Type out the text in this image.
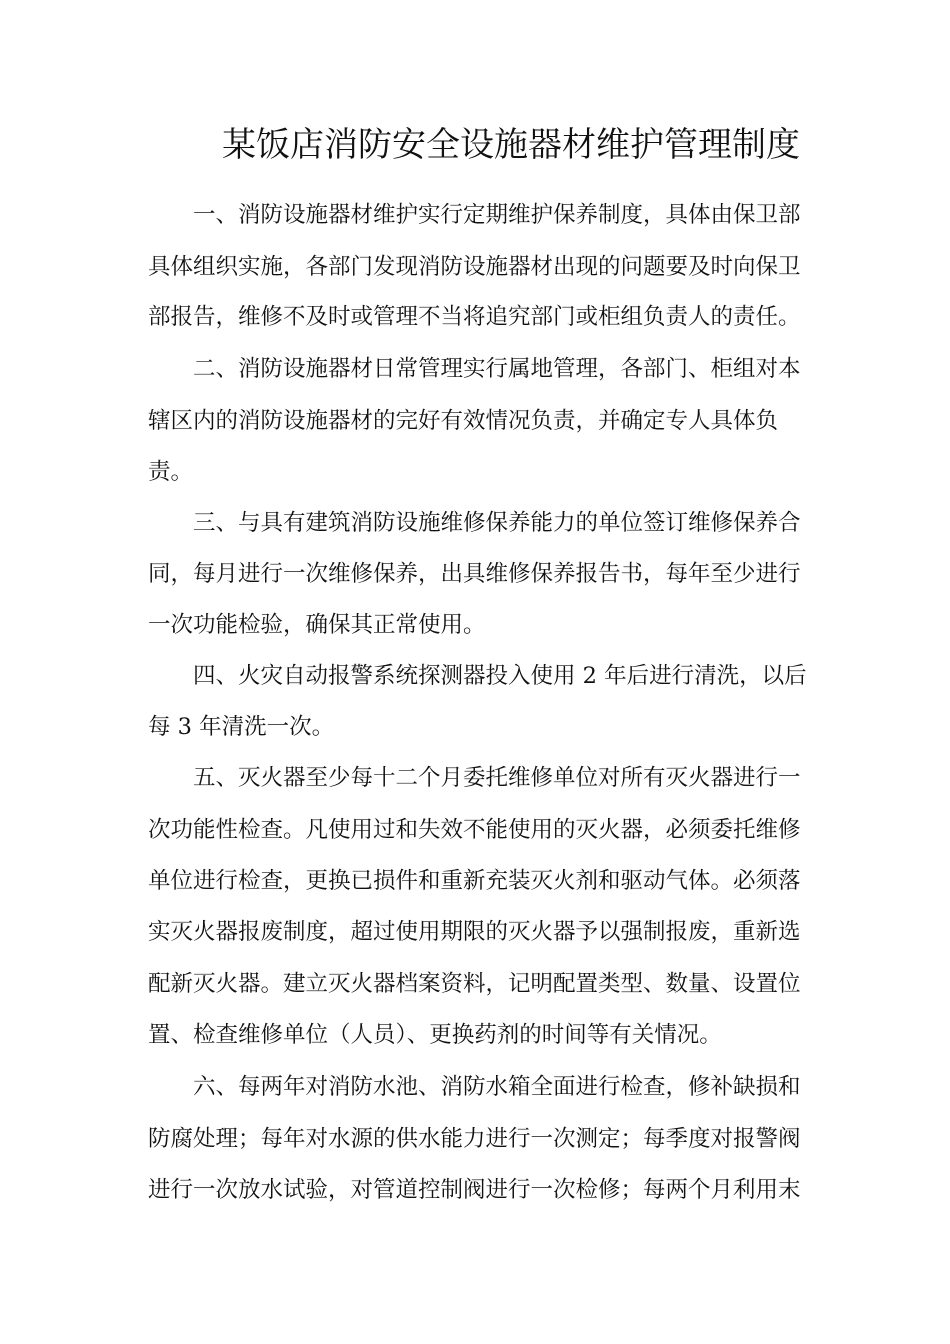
某饭店消防安全设施器材维护管理制度
一、消防设施器材维护实行定期维护保养制度，具体由保卫部
具体组织实施，各部门发现消防设施器材出现的问题要及时向保卫
部报告，维修不及时或管理不当将追究部门或柜组负责人的责任。
二、消防设施器材日常管理实行属地管理，各部门、柜组对本
辖区内的消防设施器材的完好有效情况负责，并确定专人具体负
责。
三、与具有建筑消防设施维修保养能力的单位签订维修保养合
同，每月进行一次维修保养，出具维修保养报告书，每年至少进行
一次功能检验，确保其正常使用。
四、火灾自动报警系统探测器投入使用 2 年后进行清洗，以后
每 3 年清洗一次。
五、灭火器至少每十二个月委托维修单位对所有灭火器进行一
次功能性检查。凡使用过和失效不能使用的灭火器，必须委托维修
单位进行检查，更换已损件和重新充装灭火剂和驱动气体。必须落
实灭火器报废制度，超过使用期限的灭火器予以强制报废，重新选
配新灭火器。建立灭火器档案资料，记明配置类型、数量、设置位
置、检查维修单位（人员）、更换药剂的时间等有关情况。
六、每两年对消防水池、消防水箱全面进行检查，修补缺损和
防腐处理；每年对水源的供水能力进行一次测定；每季度对报警阀
进行一次放水试验，对管道控制阀进行一次检修；每两个月利用末
